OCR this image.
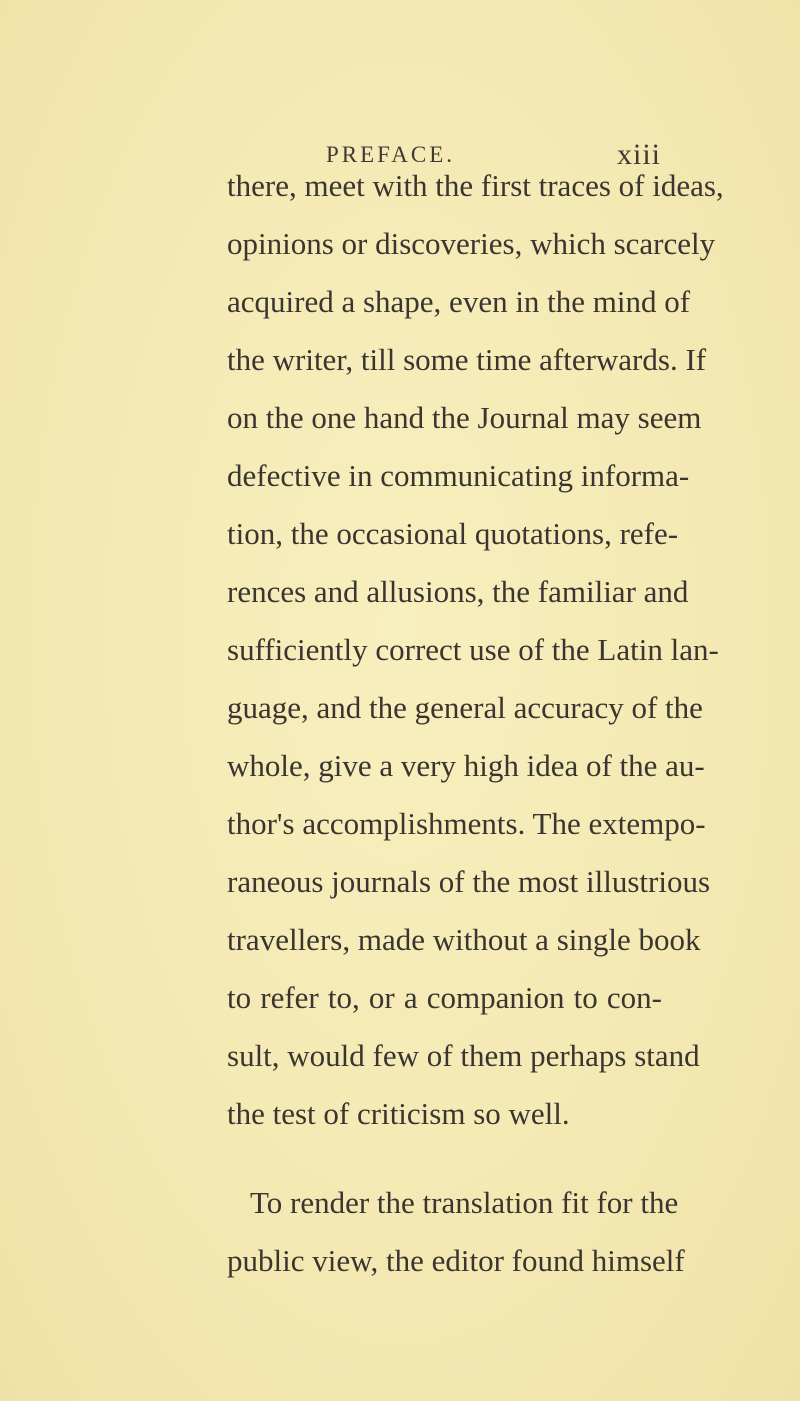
PREFACE.	xiii
there, meet with the first traces of ideas,
opinions or discoveries, which scarcely
acquired a shape, even in the mind of
the writer, till some time afterwards. If
on the one hand the Journal may seem
defective in communicating informa-
tion, the occasional quotations, refe-
rences and allusions, the familiar and
sufficiently correct use of the Latin lan-
guage, and the general accuracy of the
whole, give a very high idea of the au-
thor's accomplishments. The extempo-
raneous journals of the most illustrious
travellers, made without a single book
to refer to, or a companion to con-
sult, would few of them perhaps stand
the test of criticism so well.
To render the translation fit for the
public view, the editor found himself
